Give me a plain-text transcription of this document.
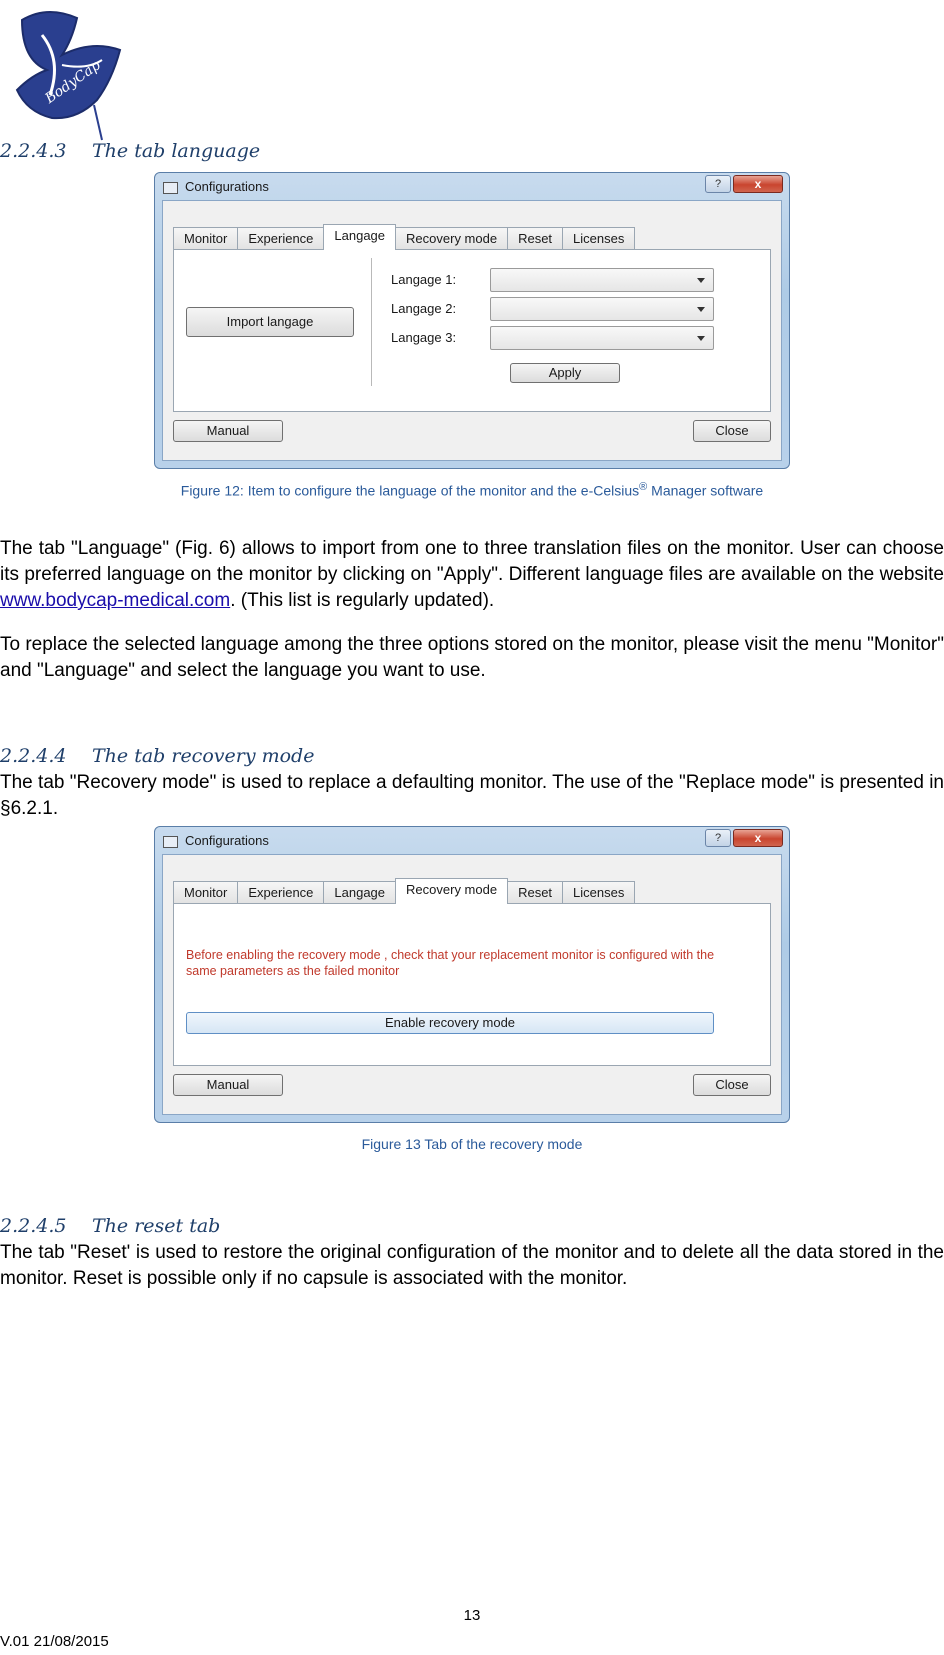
BodyCap
2.2.4.3 The tab language
Configurations	?	x
Monitor	Experience	Langage	Recovery mode	Reset	Licenses
Import langage
Langage 1:
Langage 2:
Langage 3:
Apply
Manual	Close
Figure 12: Item to configure the language of the monitor and the e-Celsius® Manager software
The tab "Language" (Fig. 6) allows to import from one to three translation files on the monitor. User can choose its preferred language on the monitor by clicking on "Apply". Different language files are available on the website www.bodycap-medical.com. (This list is regularly updated).
To replace the selected language among the three options stored on the monitor, please visit the menu "Monitor" and "Language" and select the language you want to use.
2.2.4.4 The tab recovery mode
The tab "Recovery mode" is used to replace a defaulting monitor. The use of the "Replace mode" is presented in §6.2.1.
Configurations	?	x
Monitor	Experience	Langage	Recovery mode	Reset	Licenses
Before enabling the recovery mode , check that your replacement monitor is configured with the same parameters as the failed monitor
Enable recovery mode
Manual	Close
Figure 13 Tab of the recovery mode
2.2.4.5 The reset tab
The tab "Reset' is used to restore the original configuration of the monitor and to delete all the data stored in the monitor. Reset is possible only if no capsule is associated with the monitor.
13
V.01 21/08/2015
